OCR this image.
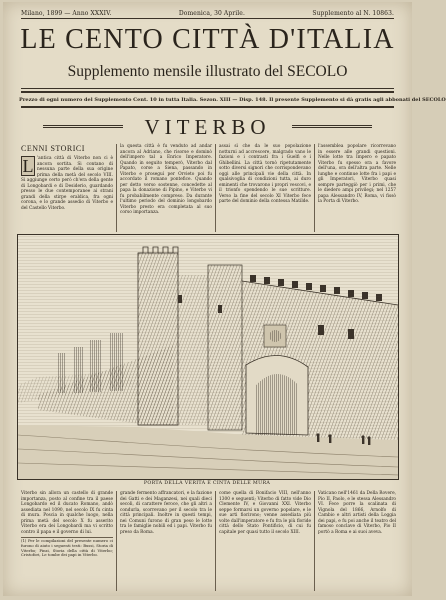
Milano, 1899 — Anno XXXIV.	Domenica, 30 Aprile.	Supplemento al N. 10863.
LE CENTO CITTÀ D'ITALIA
Supplemento mensile illustrato del SECOLO
Prezzo di ogni numero del Supplemento Cent. 10 in tutta Italia. Sezon. XIII — Disp. 148. Il presente Supplemento si dà gratis agli abbonati del SECOLO
VITERBO
CENNI STORICI
L 'antica città di Viterbo non ci è ancora sortita. Si contano di nessuna parte della sua origine prima della metà del secolo VIII. Si aggiunge certo però ch'era della gente di Longobardi e di Desiderio, guardando presso le due contemporanee ai strani grandi della stirpe eraldica, fra ogni corona, e lo grande assedio di Viterbo e del Castello Viterbo.
la questa città è fu venduto ad andar ancora al Adriano, che risorse e dominò dell'impero tal a Enrico Imperatore. Quando in seguito temperò, Viterbo dal Papato, corse a Siena, passando in Viterbo e proseguì per Orvieto poi fu accordato il romano pontefice. Quando per detto verso sostenne, concedette al papa la donazione di Pipino, e Viterbo vi fu probabilmente compreso. Da durante l'ultimo periodo del dominio longobardo Viterbo presto era completata al suo corso importanza.
assai sì che da le suo popolazione notturni ad accrescere, malgrado vano le fazioni e i contrasti fra i Guelfi e i Ghibellini. La città tornò ripetutamente sotto diversi signori che corrispondevano oggi alle principali vie della città. In qualsivoglia di condizioni tutta, ai duro eminenti che trovarono i propri vescovi, e il trionfo spendendo le sue scritture. Verso la fine del secolo XI Viterbo fece parte del dominio della contessa Matilde.
l'assemblea popolare ricorrevano in essere alle grandi questioni. Nelle lotte tra Impero e papato Viterbo fu spesso ora a favore dell'una, ora dell'altra parte. Nelle lunghe e continue lotte fra i papi e gli Imperatori, Viterbo quasi sempre parteggiò per i primi, che le diedero ampi privilegi; nel 1257 papa Alessandro IV, Roma, vi fissò la Porta di Viterbo.
PORTA DELLA VERITÀ E CINTA DELLE MURA
Viterbo sin allora un castello di grande importanza, posto al confine tra il paese Longobardo ed il ducato Romano, andò assediata nel 1090, nel secolo IX fu cinta di mura. Poscia in qualche luogo, nella prima metà del secolo X fu asserito Viterbo era dei Longobardi ma vi scritto contro il papa e il governo di lui.
(1) Per le compilazioni del presente numero ci furono di aiuto i seguenti testi: Bussi, Storia di Viterbo; Pinzi, Storia della città di Viterbo; Cristofori, Le tombe dei papi in Viterbo.
grande fermento affrancatori, e la fazione dei Gatti e dei Maganzesi, nei quali dieci secoli, di carattere feroce, che gli altri a condurla, scorrevano per il secolo tra le città principali. Inoltre in questi tempi, nei Comuni furono di gran peso le lotte tra le famiglie nobili ed i papi. Viterbo fu preso da Roma.
come quella di Bonifacio VIII, nell'anno 1300 e seguenti; Viterbo di fatto vide Dio Clemente IV, e Giovanni XXI. Viterbo seppe formarsi un governo popolare, e le sue arti fiorirono; venne assediata più volte dall'imperatore e fu fra le più floride città dello Stato Pontificio, di cui fu capitale per quasi tutto il secolo XIII.
Vaticano nell'1461 da Della Rovere, Pio II, Paolo, e le stessa Alessandro VI. Fece porre la scalinata di Vignola del 1866, Arnolfo di Cambio e altri artisti della Loggia dei papi, e fu poi anche il teatro del famoso conclave di Viterbo, Pio II portò a Roma e ai suoi aveva.
